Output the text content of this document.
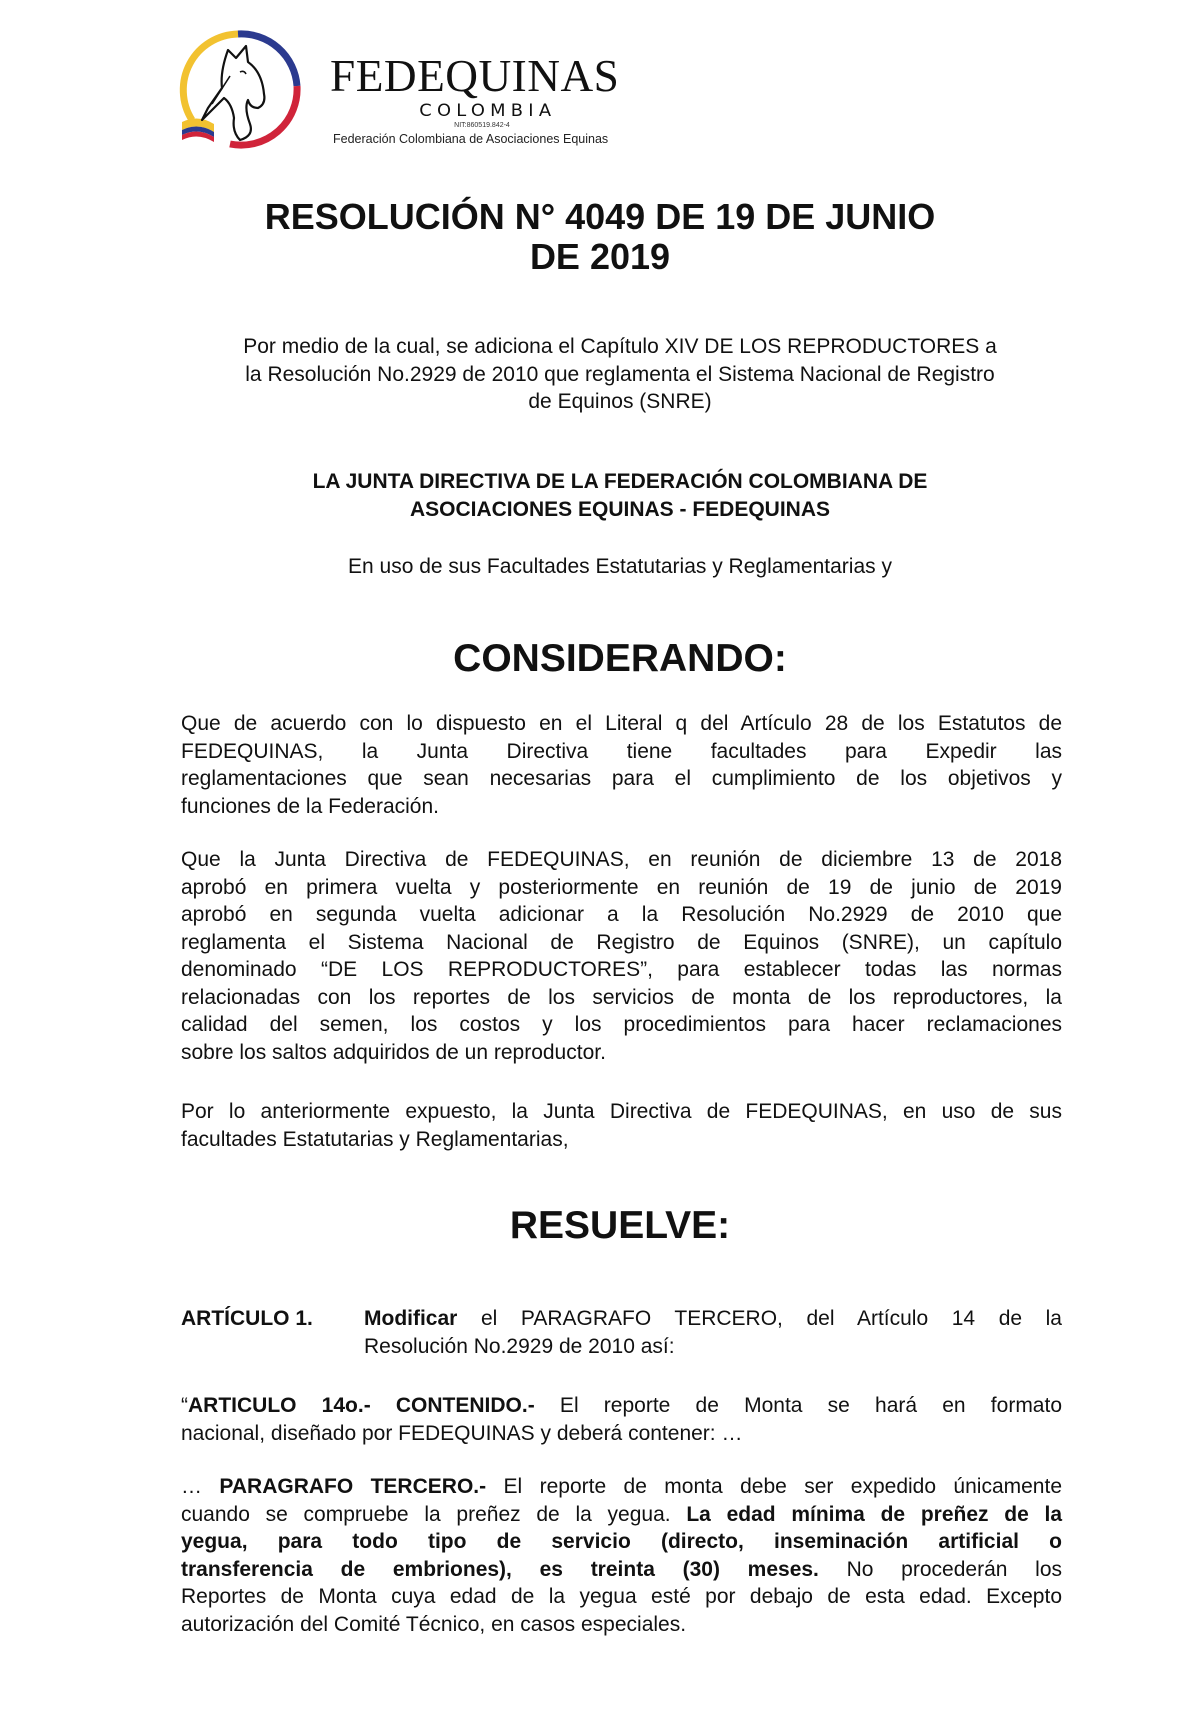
FEDEQUINAS
COLOMBIA
NIT:860519.842-4
Federación Colombiana de Asociaciones Equinas
RESOLUCIÓN N° 4049 DE 19 DE JUNIO
DE 2019
Por medio de la cual, se adiciona el Capítulo XIV DE LOS REPRODUCTORES a
la Resolución No.2929 de 2010 que reglamenta el Sistema Nacional de Registro
de Equinos (SNRE)
LA JUNTA DIRECTIVA DE LA FEDERACIÓN COLOMBIANA DE
ASOCIACIONES EQUINAS - FEDEQUINAS
En uso de sus Facultades Estatutarias y Reglamentarias y
CONSIDERANDO:
Que de acuerdo con lo dispuesto en el Literal q del Artículo 28 de los Estatutos de
FEDEQUINAS, la Junta Directiva tiene facultades para Expedir las
reglamentaciones que sean necesarias para el cumplimiento de los objetivos y
funciones de la Federación.
Que la Junta Directiva de FEDEQUINAS, en reunión de diciembre 13 de 2018
aprobó en primera vuelta y posteriormente en reunión de 19 de junio de 2019
aprobó en segunda vuelta adicionar a la Resolución No.2929 de 2010 que
reglamenta el Sistema Nacional de Registro de Equinos (SNRE), un capítulo
denominado “DE LOS REPRODUCTORES”, para establecer todas las normas
relacionadas con los reportes de los servicios de monta de los reproductores, la
calidad del semen, los costos y los procedimientos para hacer reclamaciones
sobre los saltos adquiridos de un reproductor.
Por lo anteriormente expuesto, la Junta Directiva de FEDEQUINAS, en uso de sus
facultades Estatutarias y Reglamentarias,
RESUELVE:
ARTÍCULO 1. Modificar el PARAGRAFO TERCERO, del Artículo 14 de la
Resolución No.2929 de 2010 así:
“ARTICULO 14o.- CONTENIDO.- El reporte de Monta se hará en formato
nacional, diseñado por FEDEQUINAS y deberá contener: …
… PARAGRAFO TERCERO.- El reporte de monta debe ser expedido únicamente
cuando se compruebe la preñez de la yegua. La edad mínima de preñez de la
yegua, para todo tipo de servicio (directo, inseminación artificial o
transferencia de embriones), es treinta (30) meses. No procederán los
Reportes de Monta cuya edad de la yegua esté por debajo de esta edad. Excepto
autorización del Comité Técnico, en casos especiales.
